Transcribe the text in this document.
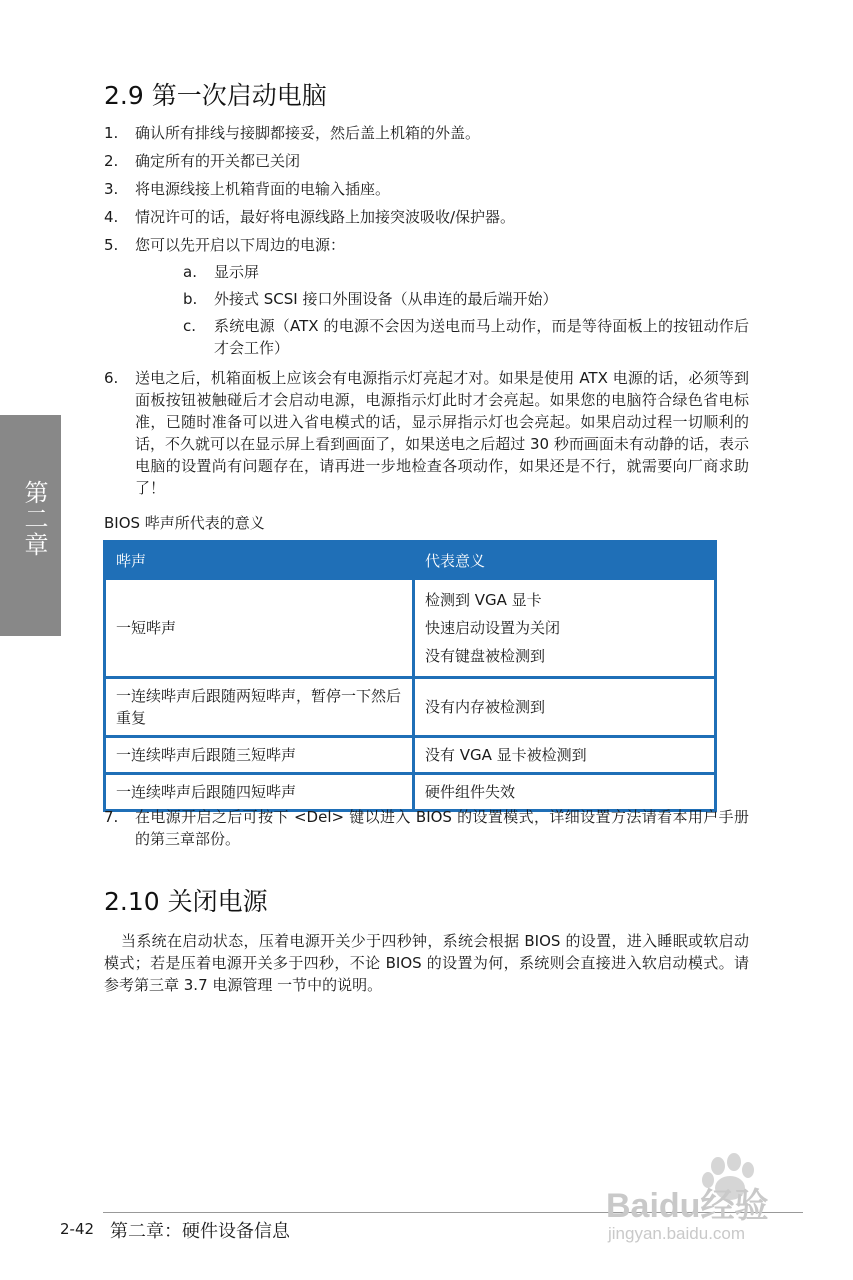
2.9 第一次启动电脑
1. 确认所有排线与接脚都接妥，然后盖上机箱的外盖。
2. 确定所有的开关都已关闭
3. 将电源线接上机箱背面的电输入插座。
4. 情况许可的话，最好将电源线路上加接突波吸收/保护器。
5. 您可以先开启以下周边的电源：
a. 显示屏
b. 外接式 SCSI 接口外围设备（从串连的最后端开始）
c. 系统电源（ATX 的电源不会因为送电而马上动作，而是等待面板上的按钮动作后才会工作）
6. 送电之后，机箱面板上应该会有电源指示灯亮起才对。如果是使用 ATX 电源的话，必须等到面板按钮被触碰后才会启动电源，电源指示灯此时才会亮起。如果您的电脑符合绿色省电标准，已随时准备可以进入省电模式的话，显示屏指示灯也会亮起。如果启动过程一切顺利的话，不久就可以在显示屏上看到画面了，如果送电之后超过 30 秒而画面未有动静的话，表示电脑的设置尚有问题存在，请再进一步地检查各项动作，如果还是不行，就需要向厂商求助了！
BIOS 哔声所代表的意义
哔声	代表意义
一短哔声	检测到 VGA 显卡
快速启动设置为关闭
没有键盘被检测到

一连续哔声后跟随两短哔声，暂停一下然后重复	没有内存被检测到
一连续哔声后跟随三短哔声	没有 VGA 显卡被检测到
一连续哔声后跟随四短哔声	硬件组件失效
7. 在电源开启之后可按下 <Del> 键以进入 BIOS 的设置模式，详细设置方法请看本用户手册的第三章部份。
2.10 关闭电源
当系统在启动状态，压着电源开关少于四秒钟，系统会根据 BIOS 的设置，进入睡眠或软启动模式；若是压着电源开关多于四秒，不论 BIOS 的设置为何，系统则会直接进入软启动模式。请参考第三章 3.7 电源管理 一节中的说明。
第二章
2-42 第二章：硬件设备信息
Baidu经验
jingyan.baidu.com
